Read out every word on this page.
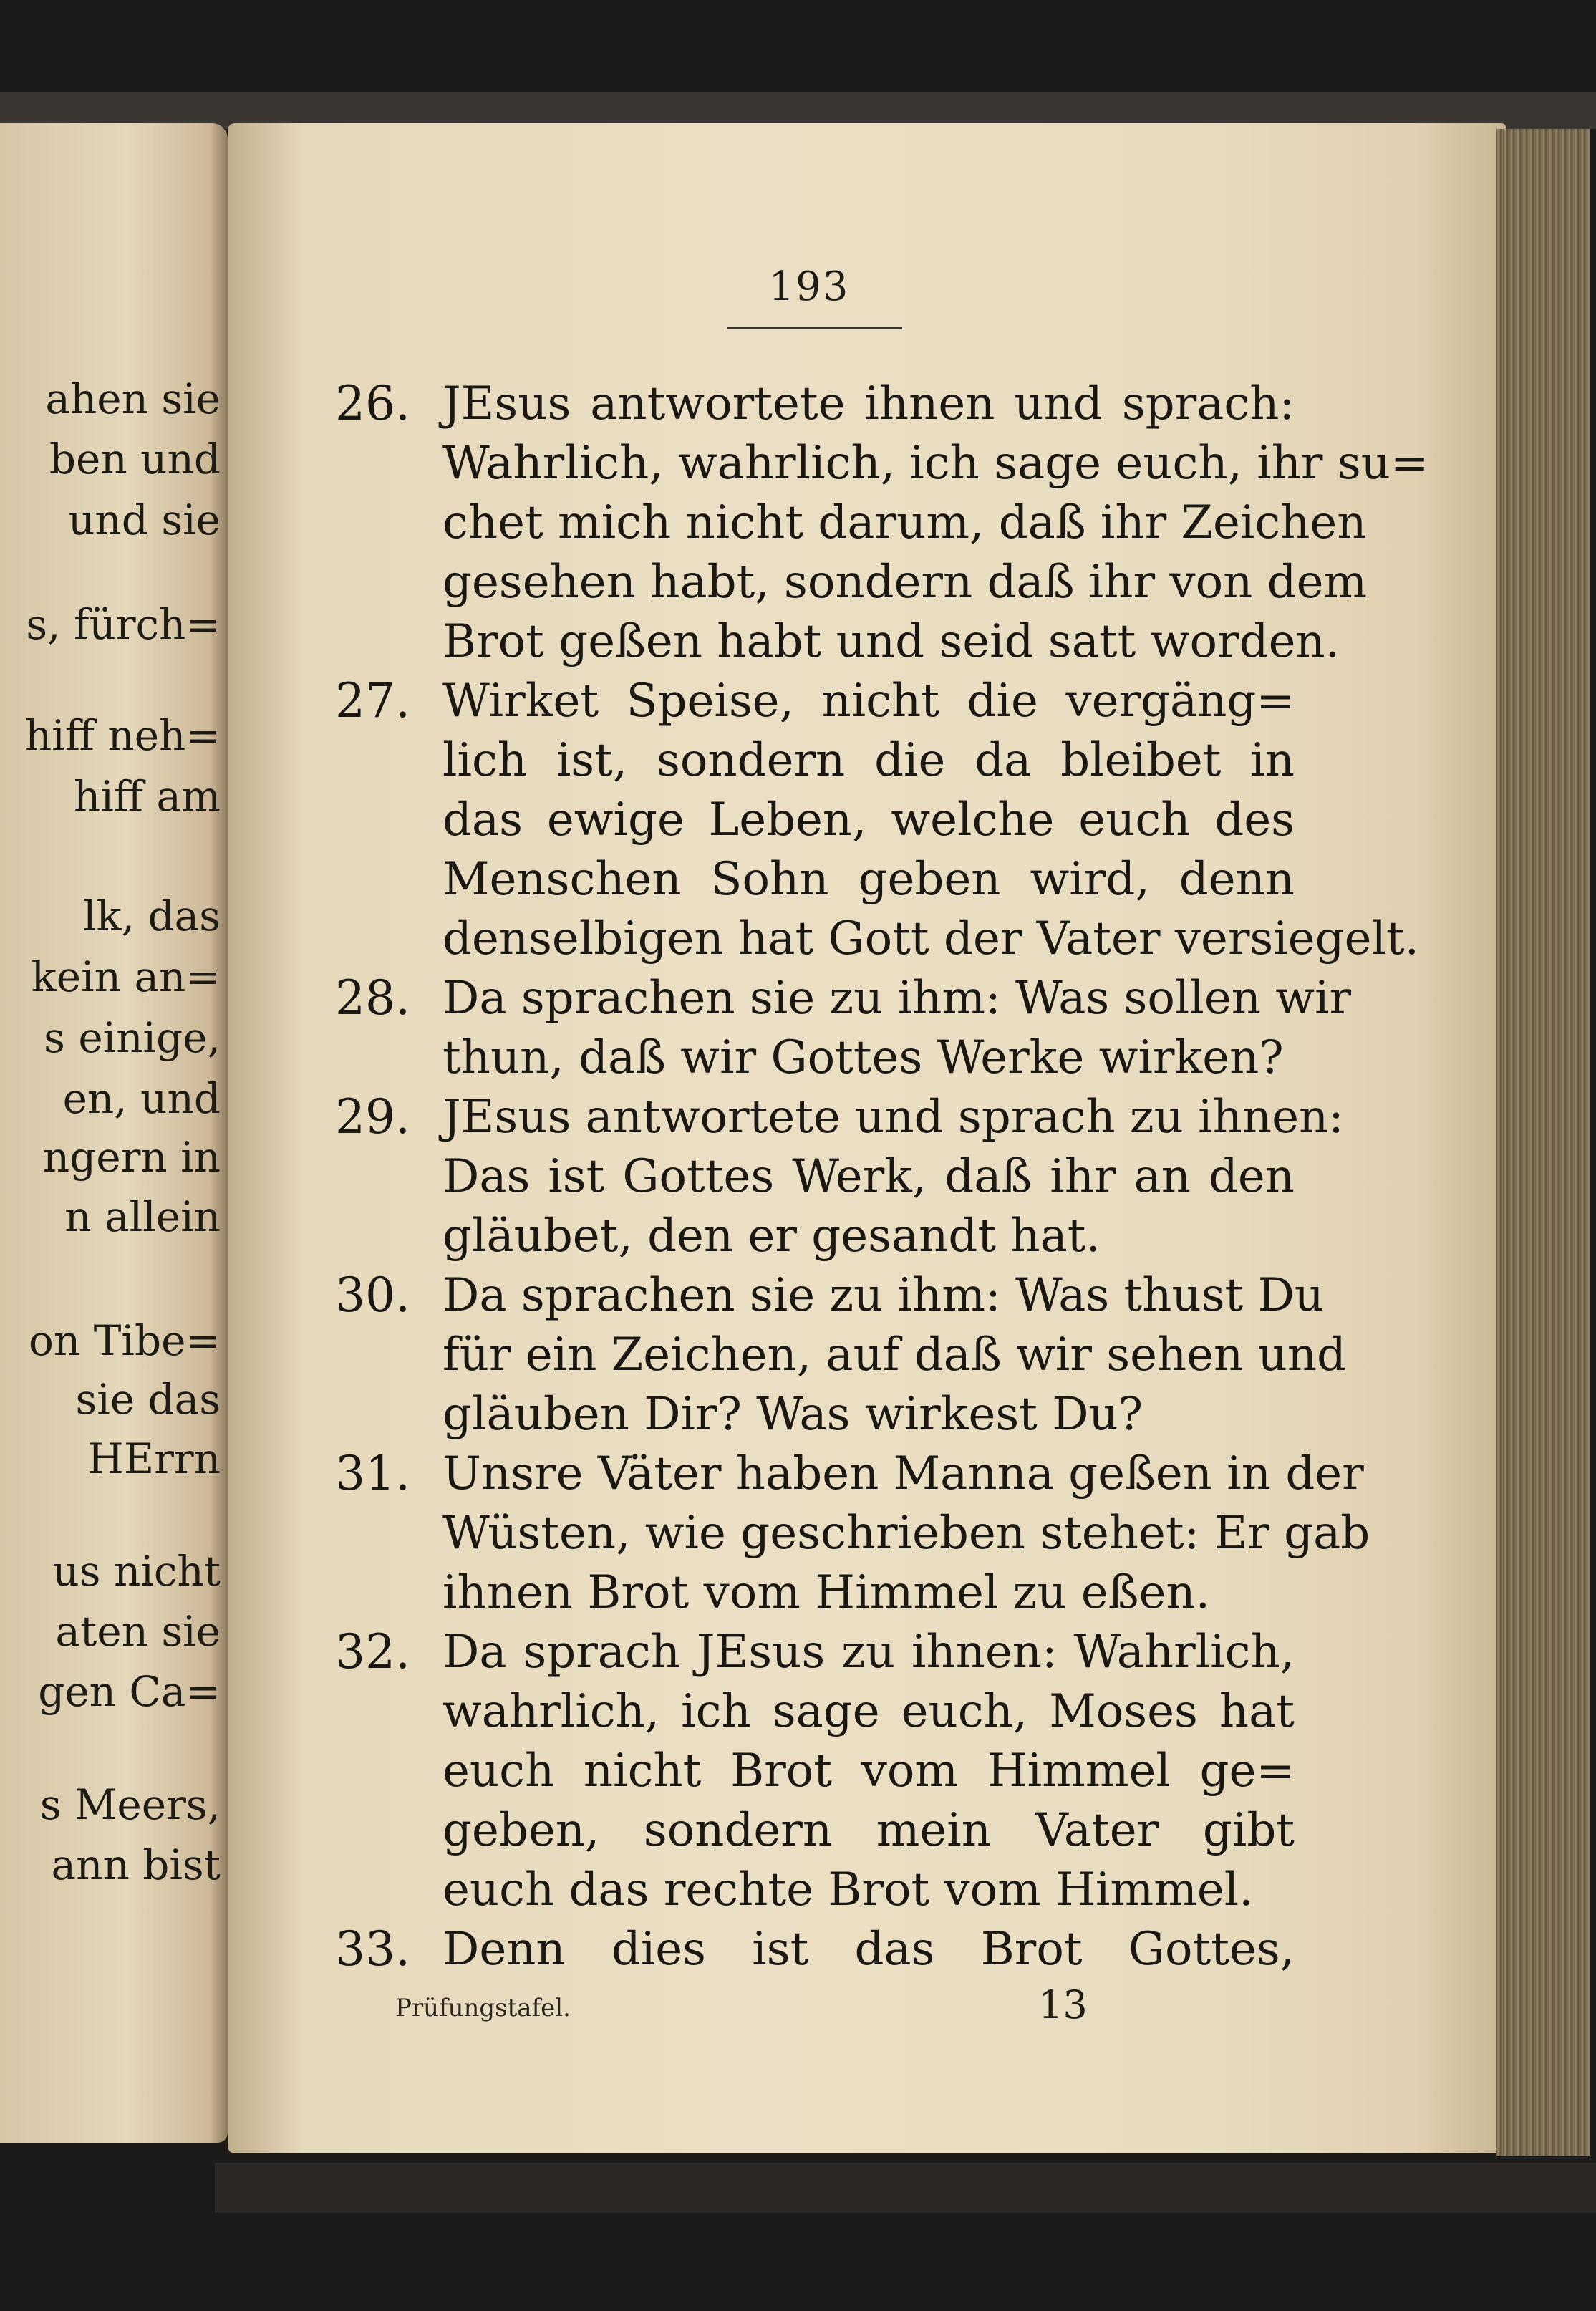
ahen sie
ben und
und sie
s, fürch=
hiff neh=
hiff am
lk, das
kein an=
s einige,
en, und
ngern in
n allein
on Tibe=
sie das
HErrn
us nicht
aten sie
gen Ca=
s Meers,
ann bist
193
26. JEsus antwortete ihnen und sprach:
Wahrlich, wahrlich, ich sage euch, ihr su=
chet mich nicht darum, daß ihr Zeichen
gesehen habt, sondern daß ihr von dem
Brot geßen habt und seid satt worden.
27. Wirket Speise, nicht die vergäng=
lich ist, sondern die da bleibet in
das ewige Leben, welche euch des
Menschen Sohn geben wird, denn
denselbigen hat Gott der Vater versiegelt.
28. Da sprachen sie zu ihm: Was sollen wir
thun, daß wir Gottes Werke wirken?
29. JEsus antwortete und sprach zu ihnen:
Das ist Gottes Werk, daß ihr an den
gläubet, den er gesandt hat.
30. Da sprachen sie zu ihm: Was thust Du
für ein Zeichen, auf daß wir sehen und
gläuben Dir? Was wirkest Du?
31. Unsre Väter haben Manna geßen in der
Wüsten, wie geschrieben stehet: Er gab
ihnen Brot vom Himmel zu eßen.
32. Da sprach JEsus zu ihnen: Wahrlich,
wahrlich, ich sage euch, Moses hat
euch nicht Brot vom Himmel ge=
geben, sondern mein Vater gibt
euch das rechte Brot vom Himmel.
33. Denn dies ist das Brot Gottes,
Prüfungstafel.	13
